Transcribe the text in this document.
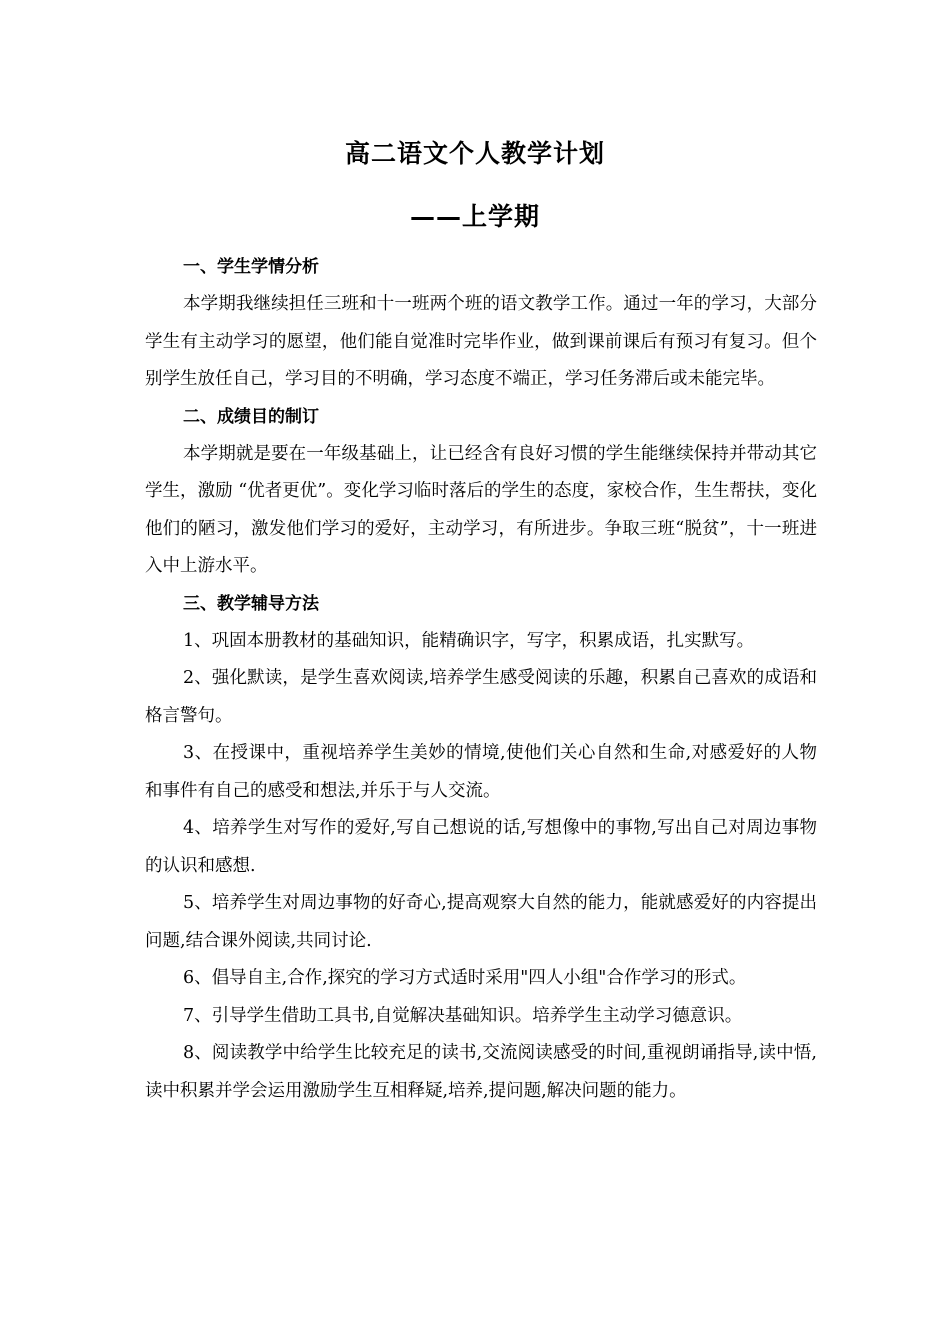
高二语文个人教学计划
——上学期

一、学生学情分析

本学期我继续担任三班和十一班两个班的语文教学工作。通过一年的学习，大部分学生有主动学习的愿望，他们能自觉准时完毕作业，做到课前课后有预习有复习。但个别学生放任自己，学习目的不明确，学习态度不端正，学习任务滞后或未能完毕。

二、成绩目的制订

本学期就是要在一年级基础上，让已经含有良好习惯的学生能继续保持并带动其它学生，激励 “优者更优”。变化学习临时落后的学生的态度，家校合作，生生帮扶，变化他们的陋习，激发他们学习的爱好，主动学习，有所进步。争取三班“脱贫”，十一班进入中上游水平。

三、教学辅导方法

1、巩固本册教材的基础知识，能精确识字，写字，积累成语，扎实默写。

2、强化默读，是学生喜欢阅读,培养学生感受阅读的乐趣，积累自己喜欢的成语和格言警句。

3、在授课中，重视培养学生美妙的情境,使他们关心自然和生命,对感爱好的人物和事件有自己的感受和想法,并乐于与人交流。

4、培养学生对写作的爱好,写自己想说的话,写想像中的事物,写出自己对周边事物的认识和感想.

5、培养学生对周边事物的好奇心,提高观察大自然的能力，能就感爱好的内容提出问题,结合课外阅读,共同讨论.

6、倡导自主,合作,探究的学习方式适时采用"四人小组"合作学习的形式。

7、引导学生借助工具书,自觉解决基础知识。培养学生主动学习德意识。

8、阅读教学中给学生比较充足的读书,交流阅读感受的时间,重视朗诵指导,读中悟,读中积累并学会运用激励学生互相释疑,培养,提问题,解决问题的能力。
